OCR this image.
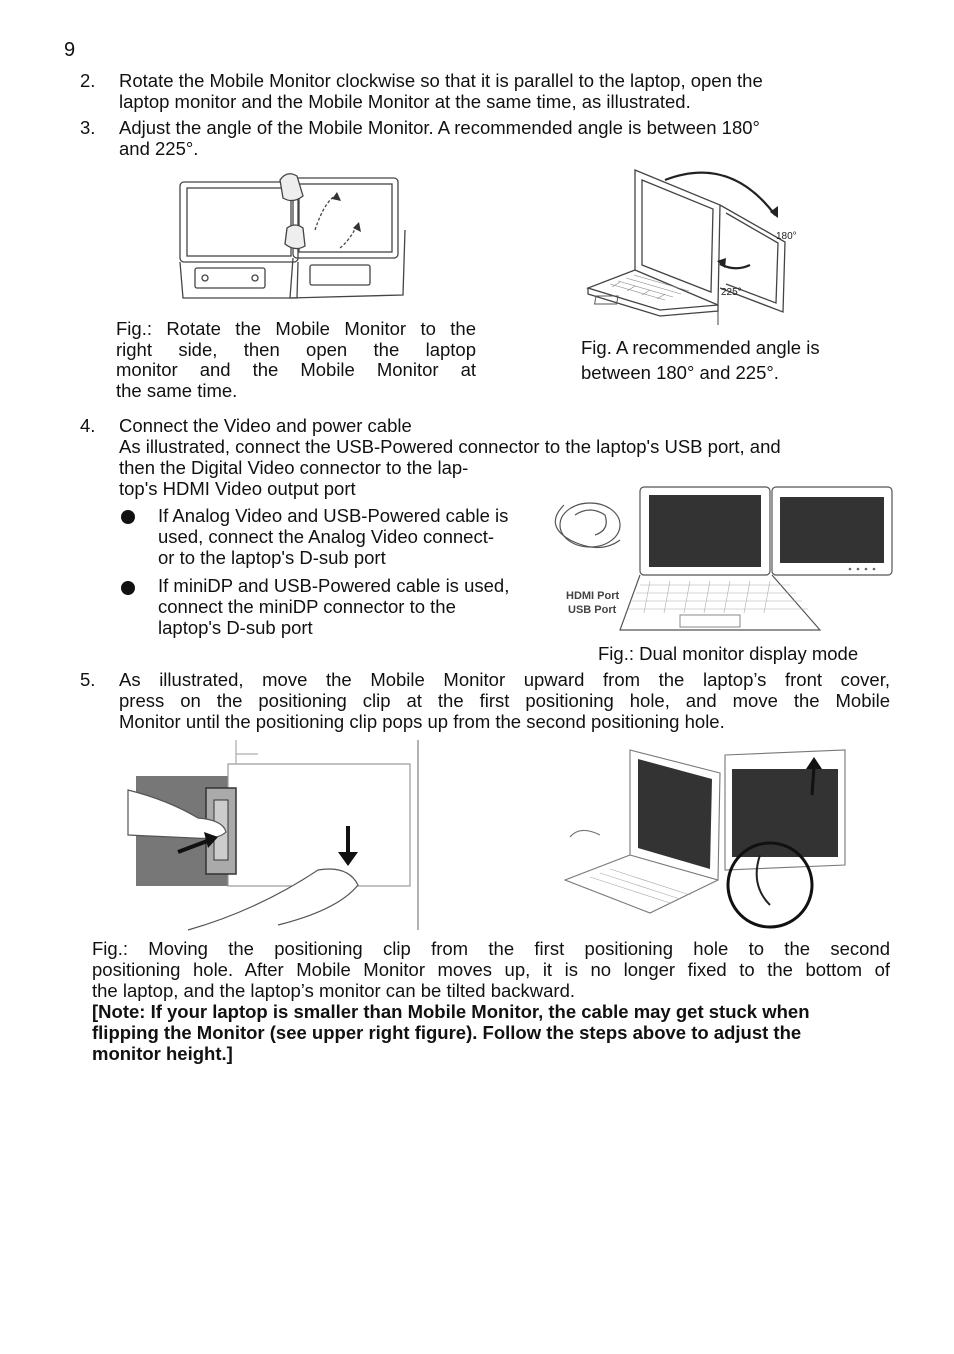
9
2. Rotate the Mobile Monitor clockwise so that it is parallel to the laptop, open the
laptop monitor and the Mobile Monitor at the same time, as illustrated.
3. Adjust the angle of the Mobile Monitor. A recommended angle is between 180°
and 225°.
180°
225°
Fig.: Rotate the Mobile Monitor to the
right side, then open the laptop
monitor and the Mobile Monitor at
the same time.
Fig. A recommended angle is
between 180° and 225°.
4. Connect the Video and power cable
As illustrated, connect the USB-Powered connector to the laptop's USB port, and
then the Digital Video connector to the lap-
top's HDMI Video output port
If Analog Video and USB-Powered cable is
used, connect the Analog Video connect-
or to the laptop's D-sub port
If miniDP and USB-Powered cable is used,
connect the miniDP connector to the
laptop's D-sub port
HDMI Port
USB Port
Fig.: Dual monitor display mode
5. As illustrated, move the Mobile Monitor upward from the laptop’s front cover,
press on the positioning clip at the first positioning hole, and move the Mobile
Monitor until the positioning clip pops up from the second positioning hole.
Fig.: Moving the positioning clip from the first positioning hole to the second
positioning hole. After Mobile Monitor moves up, it is no longer fixed to the bottom of
the laptop, and the laptop’s monitor can be tilted backward.
[Note: If your laptop is smaller than Mobile Monitor, the cable may get stuck when
flipping the Monitor (see upper right figure). Follow the steps above to adjust the
monitor height.]
